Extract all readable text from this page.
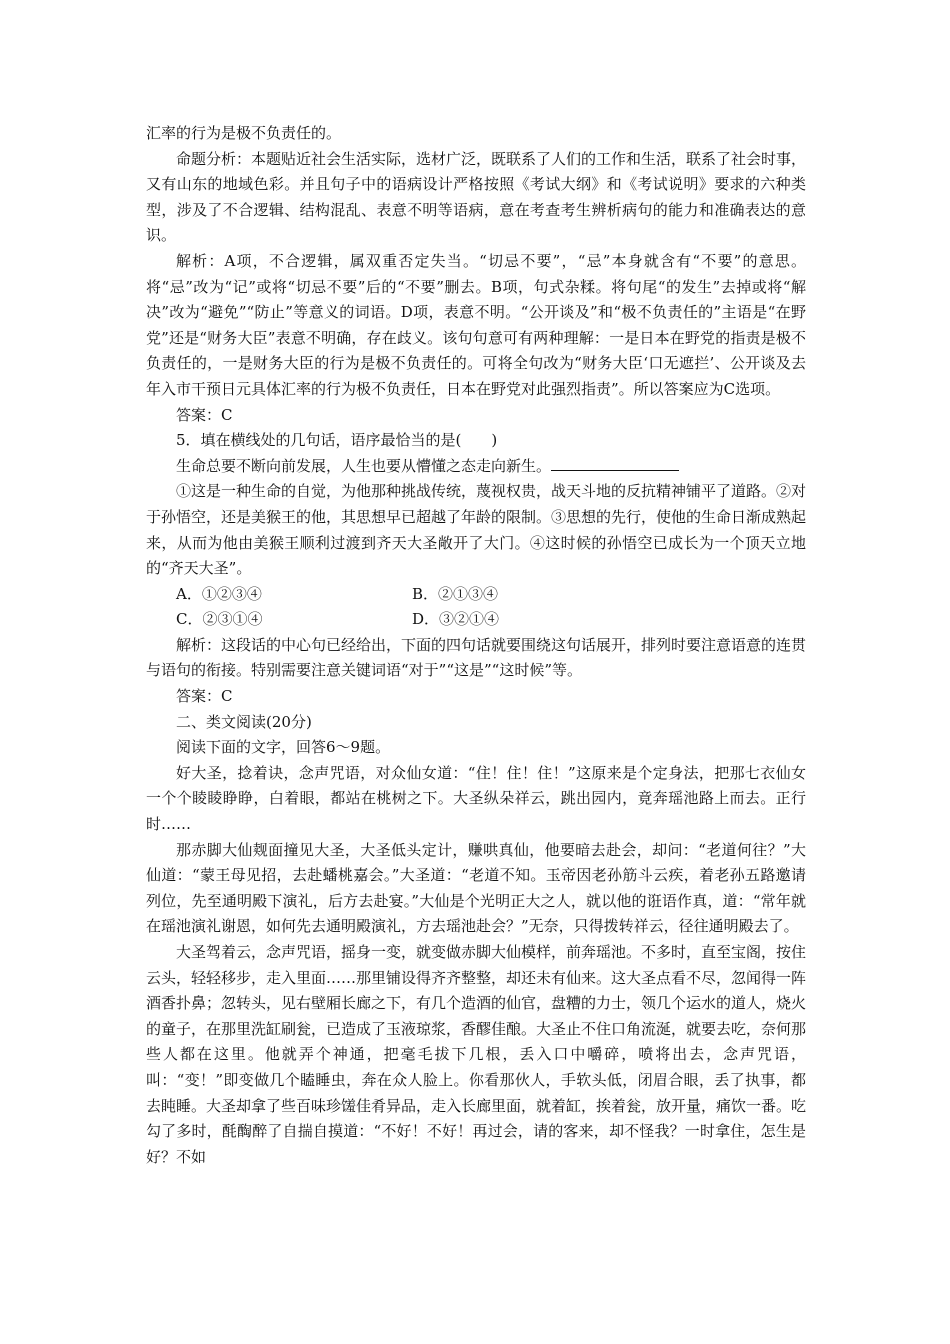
汇率的行为是极不负责任的。

命题分析：本题贴近社会生活实际，选材广泛，既联系了人们的工作和生活，联系了社会时事，又有山东的地域色彩。并且句子中的语病设计严格按照《考试大纲》和《考试说明》要求的六种类型，涉及了不合逻辑、结构混乱、表意不明等语病，意在考查考生辨析病句的能力和准确表达的意识。

解析：A项，不合逻辑，属双重否定失当。“切忌不要”，“忌”本身就含有“不要”的意思。将“忌”改为“记”或将“切忌不要”后的“不要”删去。B项，句式杂糅。将句尾“的发生”去掉或将“解决”改为“避免”“防止”等意义的词语。D项，表意不明。“公开谈及”和“极不负责任的”主语是“在野党”还是“财务大臣”表意不明确，存在歧义。该句句意可有两种理解：一是日本在野党的指责是极不负责任的，一是财务大臣的行为是极不负责任的。可将全句改为“财务大臣‘口无遮拦’、公开谈及去年入市干预日元具体汇率的行为极不负责任，日本在野党对此强烈指责”。所以答案应为C选项。

答案：C

5．填在横线处的几句话，语序最恰当的是(　　)

生命总要不断向前发展，人生也要从懵懂之态走向新生。

①这是一种生命的自觉，为他那种挑战传统，蔑视权贵，战天斗地的反抗精神铺平了道路。②对于孙悟空，还是美猴王的他，其思想早已超越了年龄的限制。③思想的先行，使他的生命日渐成熟起来，从而为他由美猴王顺利过渡到齐天大圣敞开了大门。④这时候的孙悟空已成长为一个顶天立地的“齐天大圣”。

A．①②③④	B．②①③④
C．②③①④	D．③②①④

解析：这段话的中心句已经给出，下面的四句话就要围绕这句话展开，排列时要注意语意的连贯与语句的衔接。特别需要注意关键词语“对于”“这是”“这时候”等。

答案：C

二、类文阅读(20分)

阅读下面的文字，回答6～9题。

好大圣，捻着诀，念声咒语，对众仙女道：“住！住！住！”这原来是个定身法，把那七衣仙女一个个睖睖睁睁，白着眼，都站在桃树之下。大圣纵朵祥云，跳出园内，竟奔瑶池路上而去。正行时……

那赤脚大仙觌面撞见大圣，大圣低头定计，赚哄真仙，他要暗去赴会，却问：“老道何往？”大仙道：“蒙王母见招，去赴蟠桃嘉会。”大圣道：“老道不知。玉帝因老孙筋斗云疾，着老孙五路邀请列位，先至通明殿下演礼，后方去赴宴。”大仙是个光明正大之人，就以他的诳语作真，道：“常年就在瑶池演礼谢恩，如何先去通明殿演礼，方去瑶池赴会？”无奈，只得拨转祥云，径往通明殿去了。

大圣驾着云，念声咒语，摇身一变，就变做赤脚大仙模样，前奔瑶池。不多时，直至宝阁，按住云头，轻轻移步，走入里面……那里铺设得齐齐整整，却还未有仙来。这大圣点看不尽，忽闻得一阵酒香扑鼻；忽转头，见右壁厢长廊之下，有几个造酒的仙官，盘糟的力士，领几个运水的道人，烧火的童子，在那里洗缸刷瓮，已造成了玉液琼浆，香醪佳酿。大圣止不住口角流涎，就要去吃，奈何那些人都在这里。他就弄个神通，把毫毛拔下几根，丢入口中嚼碎，喷将出去，念声咒语，叫：“变！”即变做几个瞌睡虫，奔在众人脸上。你看那伙人，手软头低，闭眉合眼，丢了执事，都去盹睡。大圣却拿了些百味珍馐佳肴异品，走入长廊里面，就着缸，挨着瓮，放开量，痛饮一番。吃勾了多时，酕醄醉了自揣自摸道：“不好！不好！再过会，请的客来，却不怪我？一时拿住，怎生是好？不如
